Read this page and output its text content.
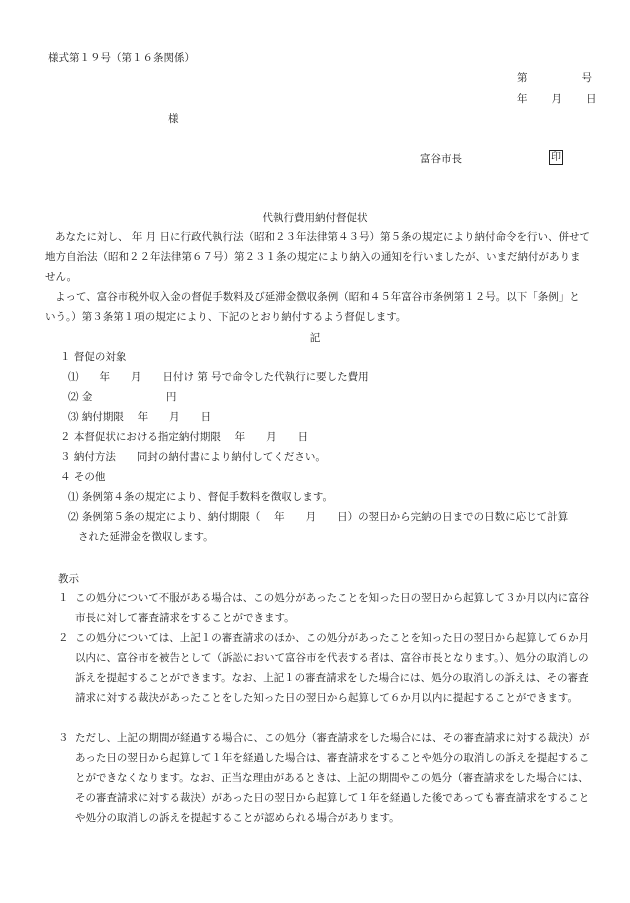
様式第１９号（第１６条関係）
第	号
年 月 日
様
富谷市長	印
代執行費用納付督促状
あなたに対し、 年 月 日に行政代執行法（昭和２３年法律第４３号）第５条の規定により納付命令を行い、併せて地方自治法（昭和２２年法律第６７号）第２３１条の規定により納入の通知を行いましたが、いまだ納付がありません。
よって、富谷市税外収入金の督促手数料及び延滞金徴収条例（昭和４５年富谷市条例第１２号。以下「条例」という。）第３条第１項の規定により、下記のとおり納付するよう督促します。
記
１ 督促の対象
⑴　　年　　月　　日付け 第 号で命令した代執行に要した費用
⑵ 金　　　　　　　円
⑶ 納付期限　 年　　月　　日
２ 本督促状における指定納付期限　 年　　月　　日
３ 納付方法　　同封の納付書により納付してください。
４ その他
⑴ 条例第４条の規定により、督促手数料を徴収します。
⑵ 条例第５条の規定により、納付期限（　 年　　月　　日）の翌日から完納の日までの日数に応じて計算
された延滞金を徴収します。
教示
１ この処分について不服がある場合は、この処分があったことを知った日の翌日から起算して３か月以内に富谷市長に対して審査請求をすることができます。
２ この処分については、上記１の審査請求のほか、この処分があったことを知った日の翌日から起算して６か月以内に、富谷市を被告として（訴訟において富谷市を代表する者は、富谷市長となります。）、処分の取消しの訴えを提起することができます。なお、上記１の審査請求をした場合には、処分の取消しの訴えは、その審査請求に対する裁決があったことをした知った日の翌日から起算して６か月以内に提起することができます。
３ ただし、上記の期間が経過する場合に、この処分（審査請求をした場合には、その審査請求に対する裁決）があった日の翌日から起算して１年を経過した場合は、審査請求をすることや処分の取消しの訴えを提起することができなくなります。なお、正当な理由があるときは、上記の期間やこの処分（審査請求をした場合には、その審査請求に対する裁決）があった日の翌日から起算して１年を経過した後であっても審査請求をすることや処分の取消しの訴えを提起することが認められる場合があります。
